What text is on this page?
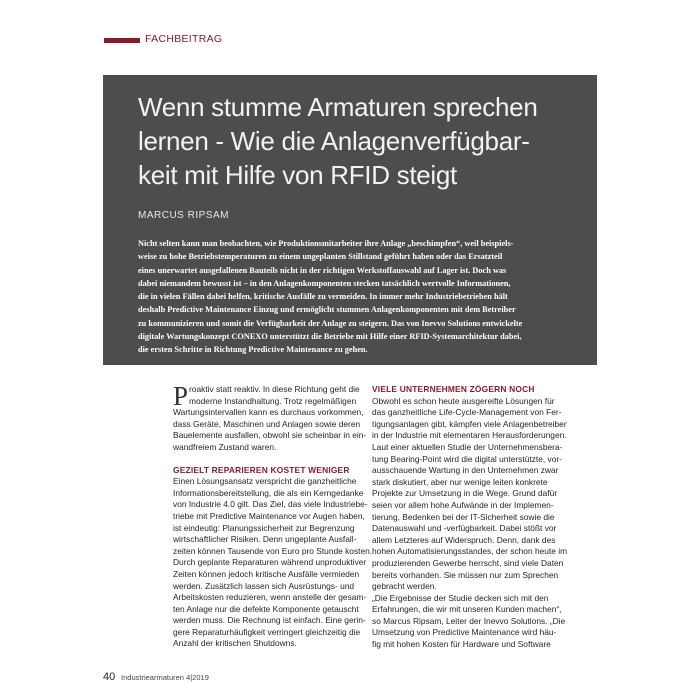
FACHBEITRAG
Wenn stumme Armaturen sprechen
lernen - Wie die Anlagenverfügbar-
keit mit Hilfe von RFID steigt
MARCUS RIPSAM
Nicht selten kann man beobachten, wie Produktionsmitarbeiter ihre Anlage „beschimpfen“, weil beispiels-
weise zu hohe Betriebstemperaturen zu einem ungeplanten Stillstand geführt haben oder das Ersatzteil
eines unerwartet ausgefallenen Bauteils nicht in der richtigen Werkstoffauswahl auf Lager ist. Doch was
dabei niemandem bewusst ist – in den Anlagenkomponenten stecken tatsächlich wertvolle Informationen,
die in vielen Fällen dabei helfen, kritische Ausfälle zu vermeiden. In immer mehr Industriebetrieben hält
deshalb Predictive Maintenance Einzug und ermöglicht stummen Anlagenkomponenten mit dem Betreiber
zu kommunizieren und somit die Verfügbarkeit der Anlage zu steigern. Das von Inevvo Solutions entwickelte
digitale Wartungskonzept CONEXO unterstützt die Betriebe mit Hilfe einer RFID-Systemarchitektur dabei,
die ersten Schritte in Richtung Predictive Maintenance zu gehen.
P roaktiv statt reaktiv. In diese Richtung geht die
moderne Instandhaltung. Trotz regelmäßigen
Wartungsintervallen kann es durchaus vorkommen,
dass Geräte, Maschinen und Anlagen sowie deren
Bauelemente ausfallen, obwohl sie scheinbar in ein-
wandfreiem Zustand waren.
GEZIELT REPARIEREN KOSTET WENIGER
Einen Lösungsansatz verspricht die ganzheitliche
Informationsbereitstellung, die als ein Kerngedanke
von Industrie 4.0 gilt. Das Ziel, das viele Industriebe-
triebe mit Predictive Maintenance vor Augen haben,
ist eindeutig: Planungssicherheit zur Begrenzung
wirtschaftlicher Risiken. Denn ungeplante Ausfall-
zeiten können Tausende von Euro pro Stunde kosten.
Durch geplante Reparaturen während unproduktiver
Zeiten können jedoch kritische Ausfälle vermieden
werden. Zusätzlich lassen sich Ausrüstungs- und
Arbeitskosten reduzieren, wenn anstelle der gesam-
ten Anlage nur die defekte Komponente getauscht
werden muss. Die Rechnung ist einfach. Eine gerin-
gere Reparaturhäufigkeit verringert gleichzeitig die
Anzahl der kritischen Shutdowns.
VIELE UNTERNEHMEN ZÖGERN NOCH
Obwohl es schon heute ausgereifte Lösungen für
das ganzheitliche Life-Cycle-Management von Fer-
tigungsanlagen gibt, kämpfen viele Anlagenbetreiber
in der Industrie mit elementaren Herausforderungen.
Laut einer aktuellen Studie der Unternehmensbera-
tung Bearing-Point wird die digital unterstützte, vor-
ausschauende Wartung in den Unternehmen zwar
stark diskutiert, aber nur wenige leiten konkrete
Projekte zur Umsetzung in die Wege. Grund dafür
seien vor allem hohe Aufwände in der Implemen-
tierung, Bedenken bei der IT-Sicherheit sowie die
Datenauswahl und -verfügbarkeit. Dabei stößt vor
allem Letzteres auf Widerspruch. Denn, dank des
hohen Automatisierungsstandes, der schon heute im
produzierenden Gewerbe herrscht, sind viele Daten
bereits vorhanden. Sie müssen nur zum Sprechen
gebracht werden.
„Die Ergebnisse der Studie decken sich mit den
Erfahrungen, die wir mit unseren Kunden machen“,
so Marcus Ripsam, Leiter der Inevvo Solutions. „Die
Umsetzung von Predictive Maintenance wird häu-
fig mit hohen Kosten für Hardware und Software
40 Industriearmaturen 4|2019
